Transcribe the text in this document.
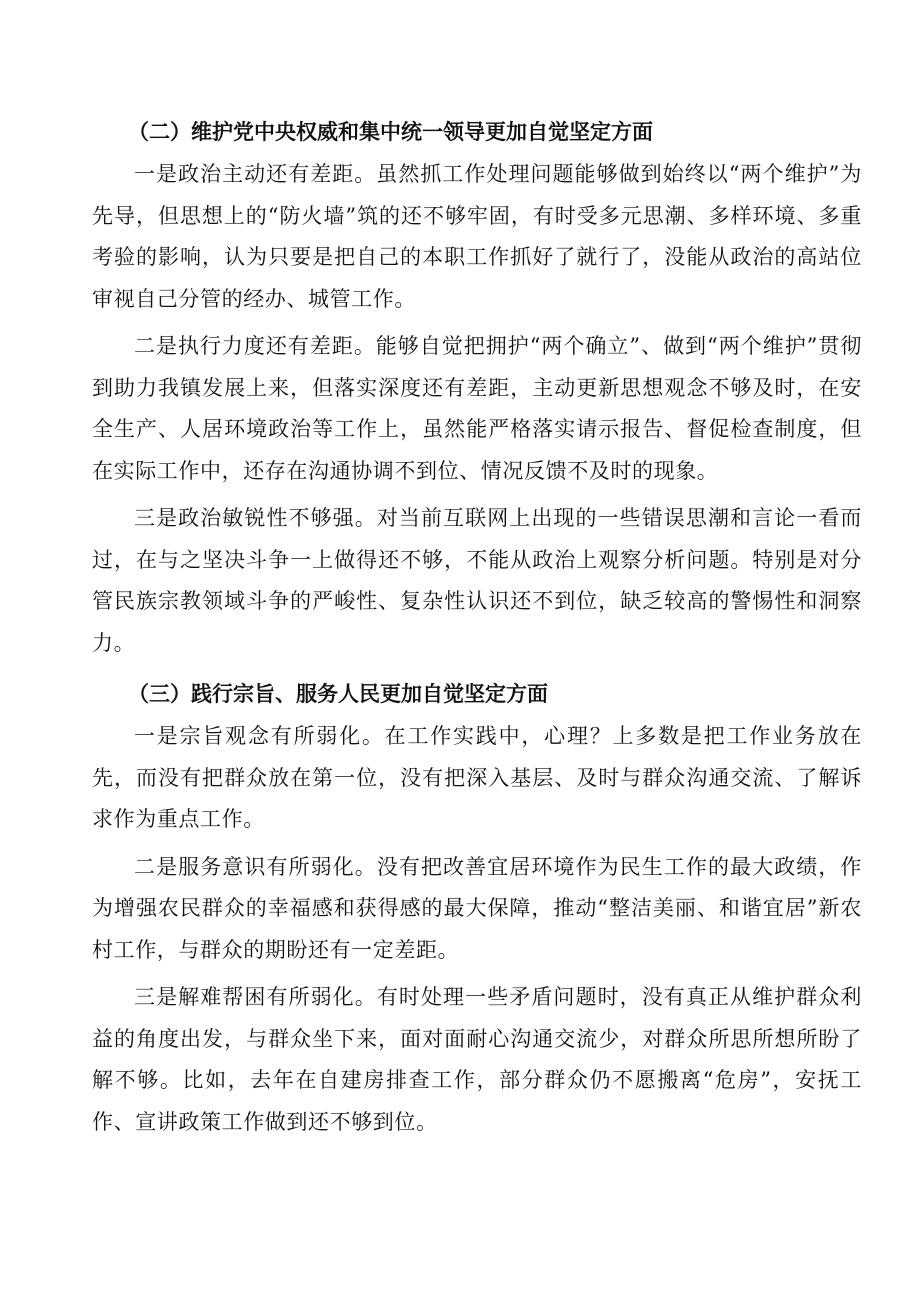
（二）维护党中央权威和集中统一领导更加自觉坚定方面

一是政治主动还有差距。虽然抓工作处理问题能够做到始终以“两个维护”为先导，但思想上的“防火墙”筑的还不够牢固，有时受多元思潮、多样环境、多重考验的影响，认为只要是把自己的本职工作抓好了就行了，没能从政治的高站位审视自己分管的经办、城管工作。

二是执行力度还有差距。能够自觉把拥护“两个确立”、做到“两个维护”贯彻到助力我镇发展上来，但落实深度还有差距，主动更新思想观念不够及时，在安全生产、人居环境政治等工作上，虽然能严格落实请示报告、督促检查制度，但在实际工作中，还存在沟通协调不到位、情况反馈不及时的现象。

三是政治敏锐性不够强。对当前互联网上出现的一些错误思潮和言论一看而过，在与之坚决斗争一上做得还不够，不能从政治上观察分析问题。特别是对分管民族宗教领域斗争的严峻性、复杂性认识还不到位，缺乏较高的警惕性和洞察力。

（三）践行宗旨、服务人民更加自觉坚定方面

一是宗旨观念有所弱化。在工作实践中，心理？上多数是把工作业务放在先，而没有把群众放在第一位，没有把深入基层、及时与群众沟通交流、了解诉求作为重点工作。

二是服务意识有所弱化。没有把改善宜居环境作为民生工作的最大政绩，作为增强农民群众的幸福感和获得感的最大保障，推动“整洁美丽、和谐宜居”新农村工作，与群众的期盼还有一定差距。

三是解难帮困有所弱化。有时处理一些矛盾问题时，没有真正从维护群众利益的角度出发，与群众坐下来，面对面耐心沟通交流少，对群众所思所想所盼了解不够。比如，去年在自建房排查工作，部分群众仍不愿搬离“危房”，安抚工作、宣讲政策工作做到还不够到位。
